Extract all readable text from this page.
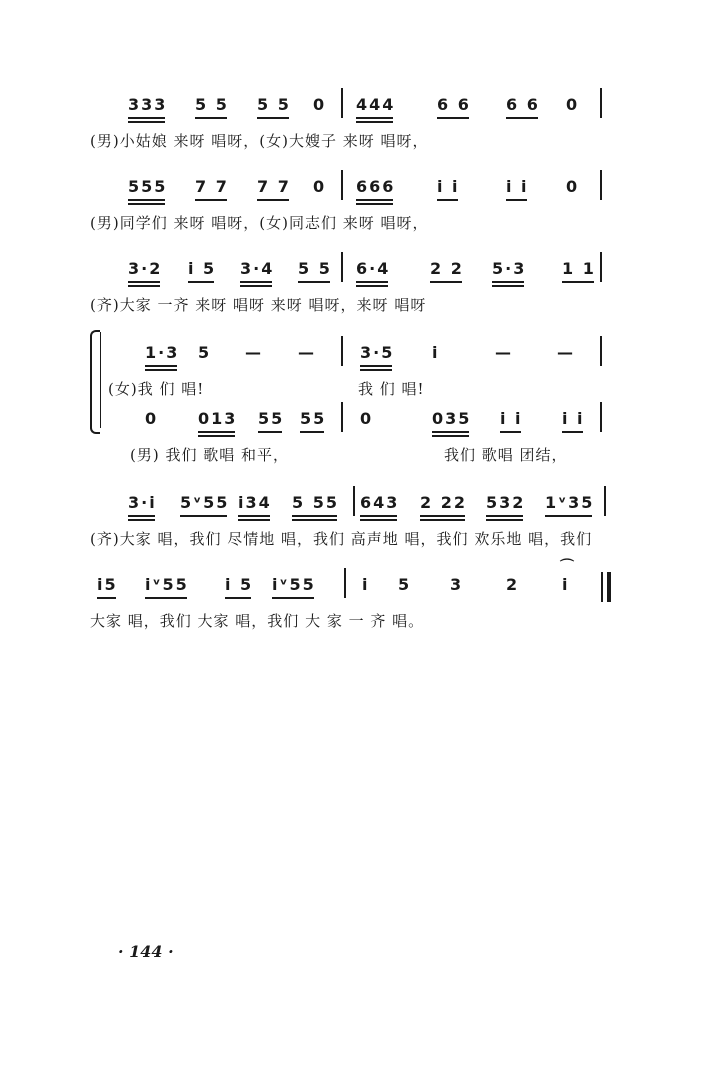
333 5 5 5 5 0 444	6 6 6 6 0
(男)小姑娘 来呀 唱呀，(女)大嫂子 来呀 唱呀，
555 7 7 7 7 0 666	i i	i i 0
(男)同学们 来呀 唱呀，(女)同志们 来呀 唱呀，
3·2 i 5 3·4 5 5 6·4 2 2 5·3 1 1
(齐)大家 一齐 来呀 唱呀 来呀 唱呀，来呀 唱呀
1·3 5 — —	3·5 i	—	—
(女)我 们 唱!	我 们 唱!
0 013 55 55 0	035 i i i i
(男) 我们 歌唱 和平，	我们 歌唱 团结，
3·i 5ᵛ55 i34 5 55 643 2 22 532 1ᵛ35
(齐)大家 唱，我们 尽情地 唱，我们 高声地 唱，我们 欢乐地 唱，我们
i5 iᵛ55 i 5 iᵛ55	i 5 3	2	i
大家 唱，我们 大家 唱，我们 大 家 一 齐 唱。
⌒
· 144 ·
